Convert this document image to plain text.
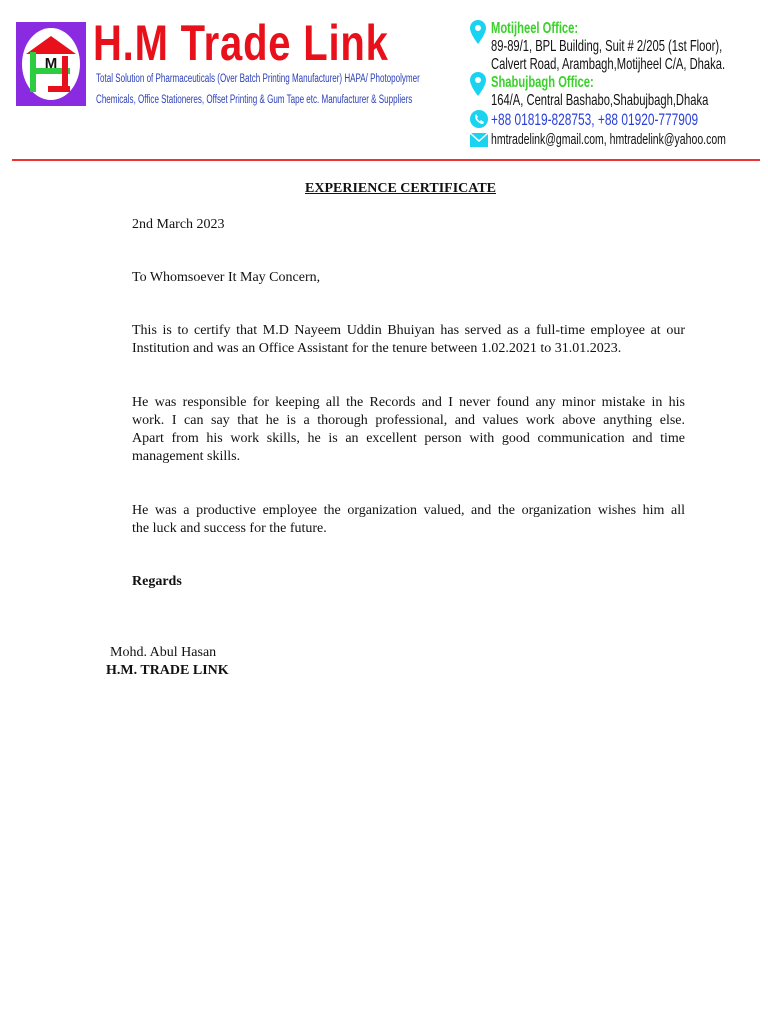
M H.M Trade Link
Total Solution of Pharmaceuticals (Over Batch Printing Manufacturer) HAPA/ Photopolymer
Chemicals, Office Stationeres, Offset Printing & Gum Tape etc. Manufacturer & Suppliers
Motijheel Office:
89-89/1, BPL Building, Suit # 2/205 (1st Floor),
Calvert Road, Arambagh,Motijheel C/A, Dhaka.
Shabujbagh Office:
164/A, Central Bashabo,Shabujbagh,Dhaka
+88 01819-828753, +88 01920-777909
hmtradelink@gmail.com, hmtradelink@yahoo.com
EXPERIENCE CERTIFICATE
2nd March 2023
To Whomsoever It May Concern,
This is to certify that M.D Nayeem Uddin Bhuiyan has served as a full-time employee at our
Institution and was an Office Assistant for the tenure between 1.02.2021 to 31.01.2023.
He was responsible for keeping all the Records and I never found any minor mistake in his
work. I can say that he is a thorough professional, and values work above anything else.
Apart from his work skills, he is an excellent person with good communication and time
management skills.
He was a productive employee the organization valued, and the organization wishes him all
the luck and success for the future.
Regards
Mohd. Abul Hasan
H.M. TRADE LINK
